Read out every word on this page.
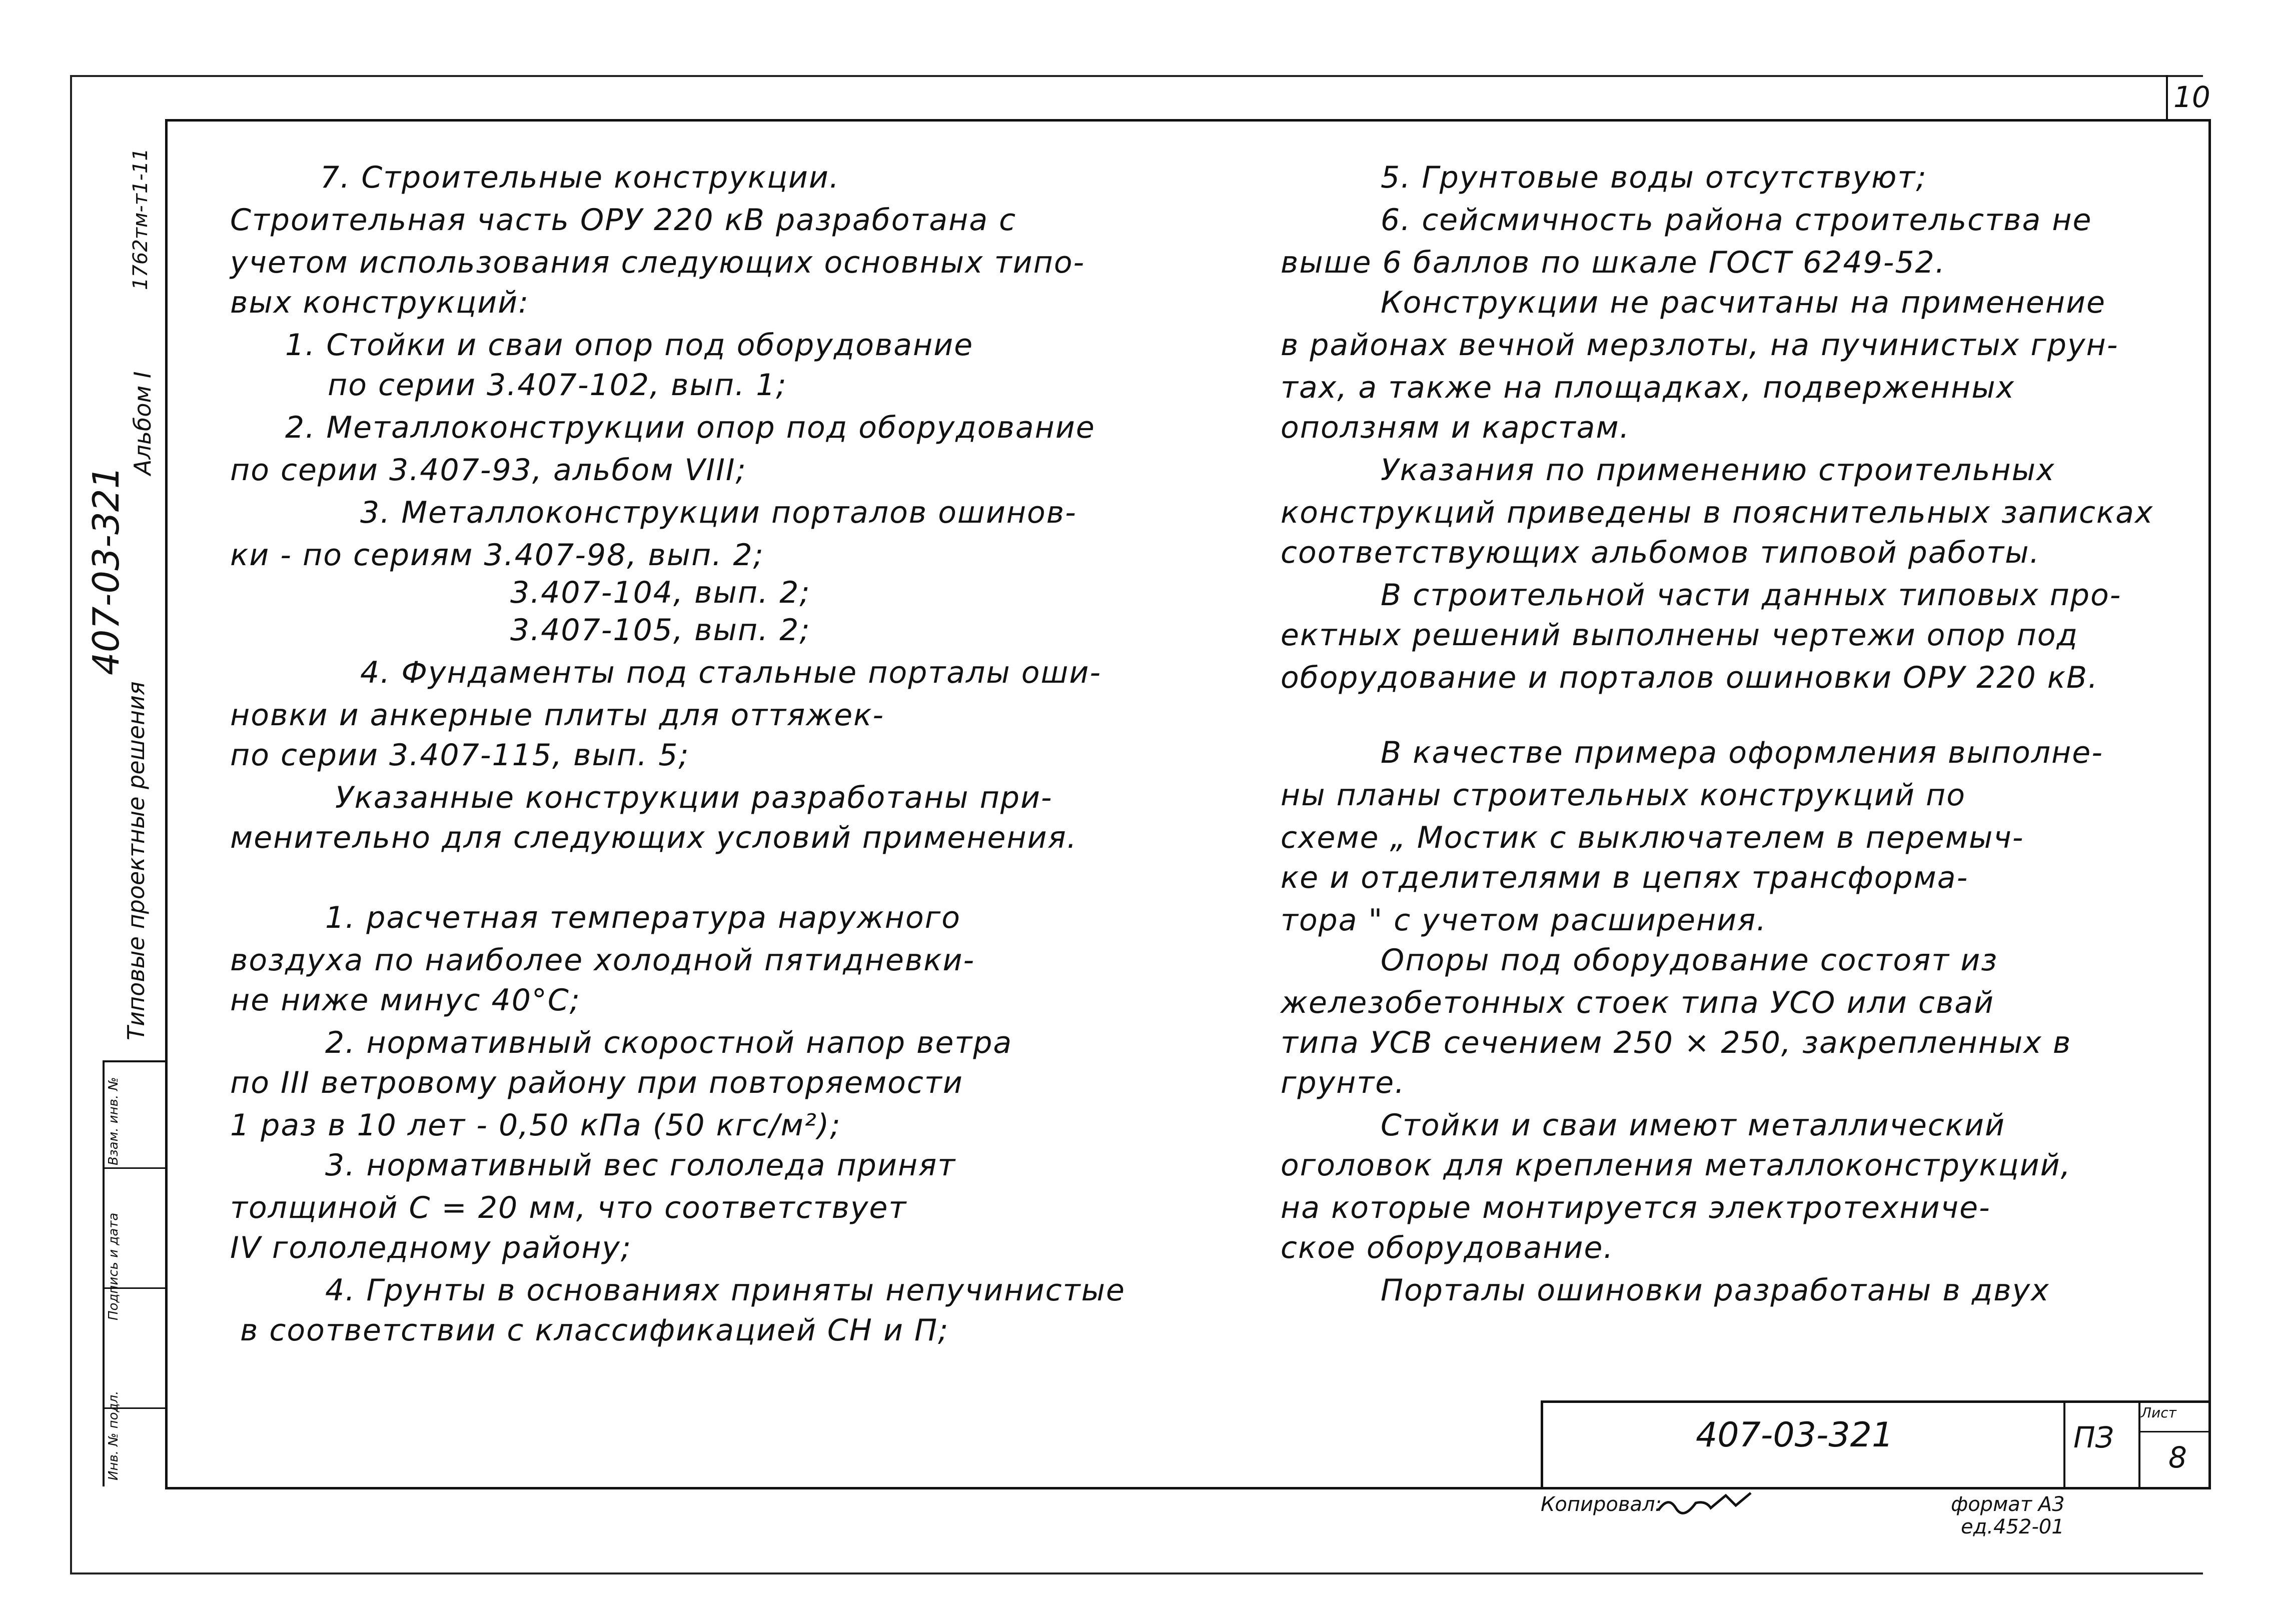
10
407-03-321
Типовые проектные решения
Альбом I
1762тм-т1-11
Инв. № подл.
Подпись и дата
Взам. инв. №
7. Строительные конструкции.
Строительная часть ОРУ 220 кВ разработана с
учетом использования следующих основных типо-
вых конструкций:
1. Стойки и сваи опор под оборудование
по серии 3.407-102, вып. 1;
2. Металлоконструкции опор под оборудование
по серии 3.407-93, альбом VIII;
3. Металлоконструкции порталов ошинов-
ки - по сериям 3.407-98, вып. 2;
3.407-104, вып. 2;
3.407-105, вып. 2;
4. Фундаменты под стальные порталы оши-
новки и анкерные плиты для оттяжек-
по серии 3.407-115, вып. 5;
Указанные конструкции разработаны при-
менительно для следующих условий применения.
1. расчетная температура наружного
воздуха по наиболее холодной пятидневки-
не ниже минус 40°С;
2. нормативный скоростной напор ветра
по III ветровому району при повторяемости
1 раз в 10 лет - 0,50 кПа (50 кгс/м²);
3. нормативный вес гололеда принят
толщиной С = 20 мм, что соответствует
IV гололедному району;
4. Грунты в основаниях приняты непучинистые
в соответствии с классификацией СН и П;
5. Грунтовые воды отсутствуют;
6. сейсмичность района строительства не
выше 6 баллов по шкале ГОСТ 6249-52.
Конструкции не расчитаны на применение
в районах вечной мерзлоты, на пучинистых грун-
тах, а также на площадках, подверженных
оползням и карстам.
Указания по применению строительных
конструкций приведены в пояснительных записках
соответствующих альбомов типовой работы.
В строительной части данных типовых про-
ектных решений выполнены чертежи опор под
оборудование и порталов ошиновки ОРУ 220 кВ.
В качестве примера оформления выполне-
ны планы строительных конструкций по
схеме „ Мостик с выключателем в перемыч-
ке и отделителями в цепях трансформа-
тора " с учетом расширения.
Опоры под оборудование состоят из
железобетонных стоек типа УСО или свай
типа УСВ сечением 250 × 250, закрепленных в
грунте.
Стойки и сваи имеют металлический
оголовок для крепления металлоконструкций,
на которые монтируется электротехниче-
ское оборудование.
Порталы ошиновки разработаны в двух
407-03-321	ПЗ
Лист
8
Копировал:	формат А3
ед.452-01
